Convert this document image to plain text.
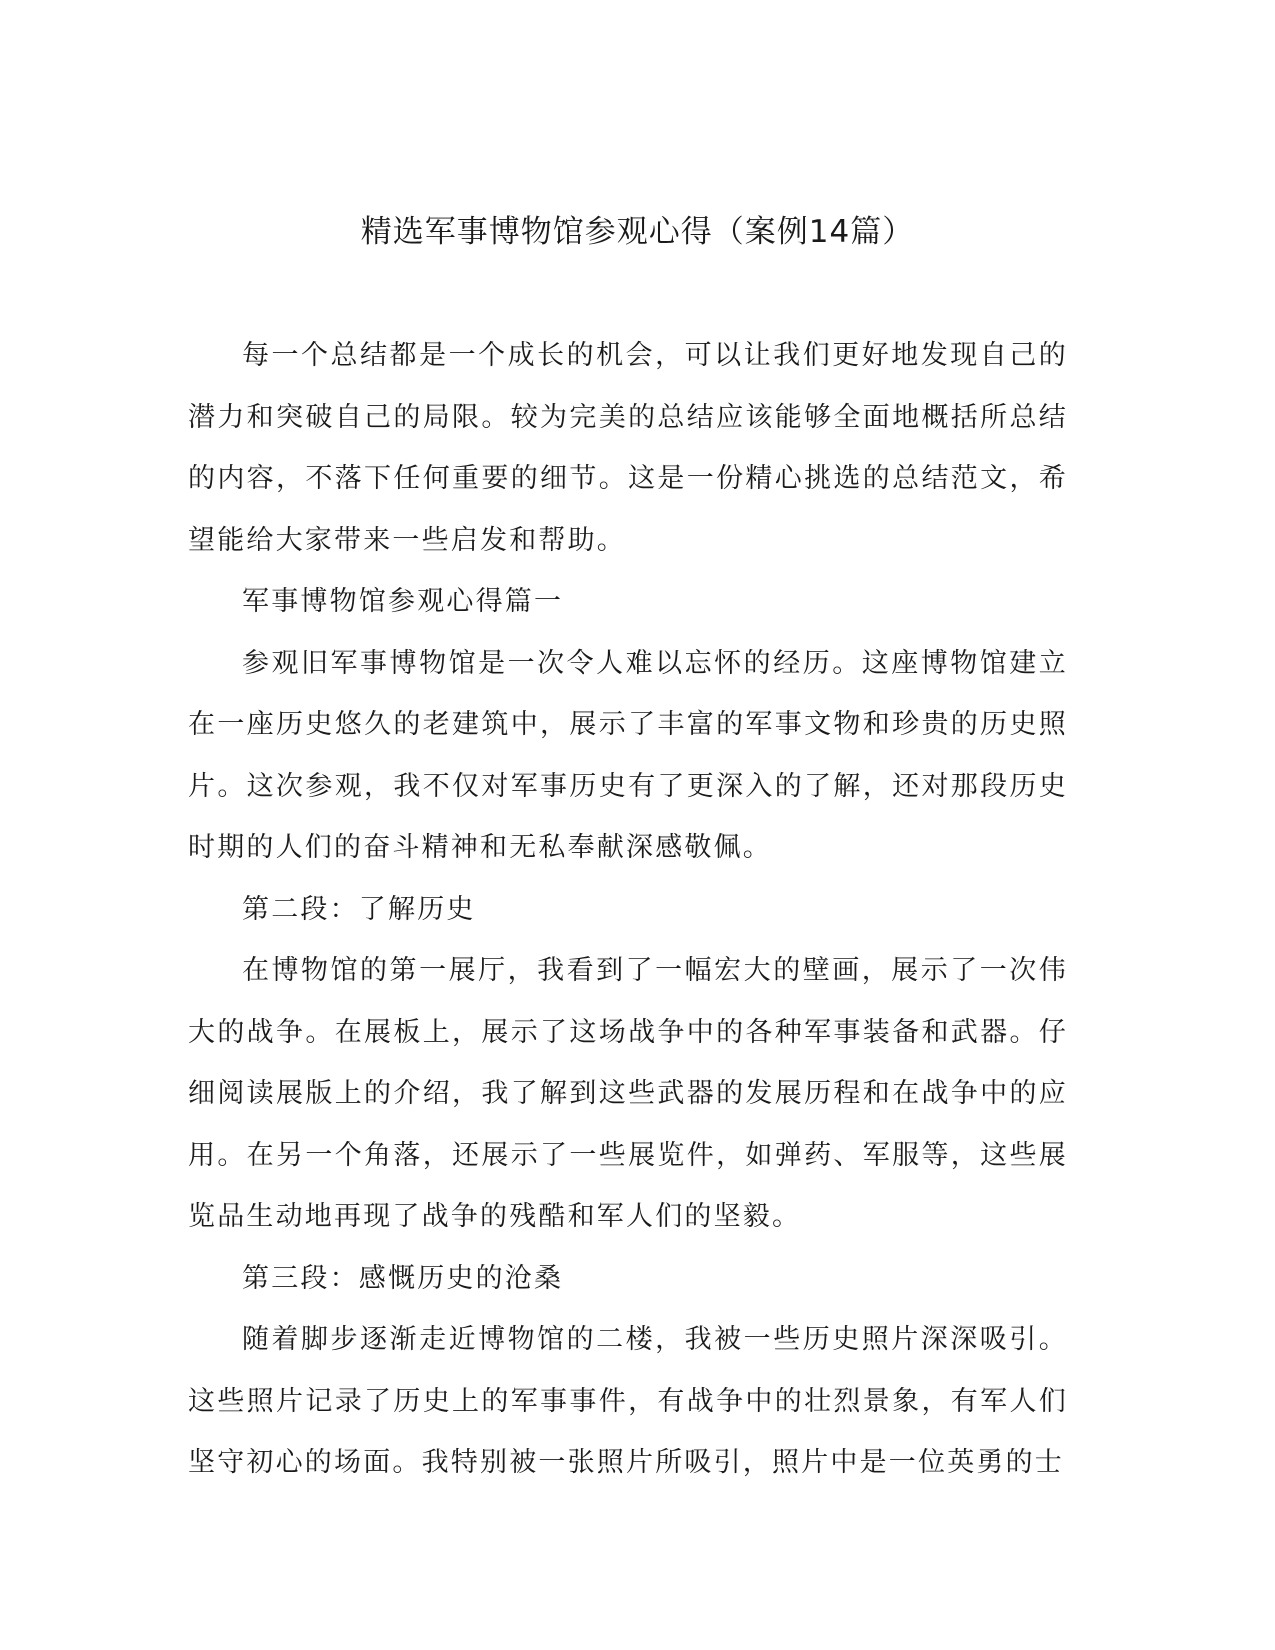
精选军事博物馆参观心得（案例14篇）

每一个总结都是一个成长的机会，可以让我们更好地发现自己的潜力和突破自己的局限。较为完美的总结应该能够全面地概括所总结的内容，不落下任何重要的细节。这是一份精心挑选的总结范文，希望能给大家带来一些启发和帮助。

军事博物馆参观心得篇一

参观旧军事博物馆是一次令人难以忘怀的经历。这座博物馆建立在一座历史悠久的老建筑中，展示了丰富的军事文物和珍贵的历史照片。这次参观，我不仅对军事历史有了更深入的了解，还对那段历史时期的人们的奋斗精神和无私奉献深感敬佩。

第二段：了解历史

在博物馆的第一展厅，我看到了一幅宏大的壁画，展示了一次伟大的战争。在展板上，展示了这场战争中的各种军事装备和武器。仔细阅读展版上的介绍，我了解到这些武器的发展历程和在战争中的应用。在另一个角落，还展示了一些展览件，如弹药、军服等，这些展览品生动地再现了战争的残酷和军人们的坚毅。

第三段：感慨历史的沧桑

随着脚步逐渐走近博物馆的二楼，我被一些历史照片深深吸引。这些照片记录了历史上的军事事件，有战争中的壮烈景象，有军人们坚守初心的场面。我特别被一张照片所吸引，照片中是一位英勇的士
